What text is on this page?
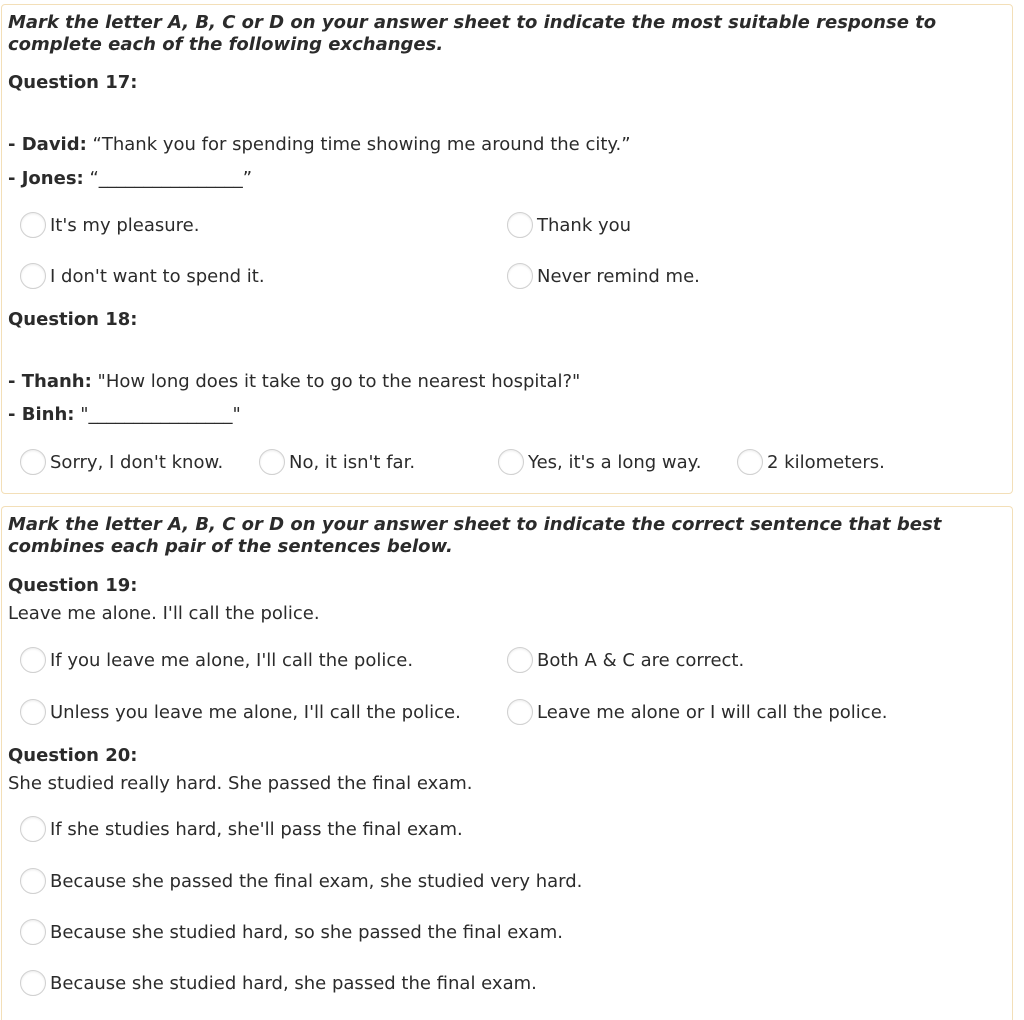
Mark the letter A, B, C or D on your answer sheet to indicate the most suitable response to complete each of the following exchanges.
Question 17:
- David: “Thank you for spending time showing me around the city.”
- Jones: “________________”
It's my pleasure.	Thank you
I don't want to spend it.	Never remind me.
Question 18:
- Thanh: "How long does it take to go to the nearest hospital?"
- Binh: "________________"
Sorry, I don't know.	No, it isn't far.	Yes, it's a long way.	2 kilometers.
Mark the letter A, B, C or D on your answer sheet to indicate the correct sentence that best combines each pair of the sentences below.
Question 19:
Leave me alone. I'll call the police.
If you leave me alone, I'll call the police.	Both A & C are correct.
Unless you leave me alone, I'll call the police.	Leave me alone or I will call the police.
Question 20:
She studied really hard. She passed the final exam.
If she studies hard, she'll pass the final exam.
Because she passed the final exam, she studied very hard.
Because she studied hard, so she passed the final exam.
Because she studied hard, she passed the final exam.
